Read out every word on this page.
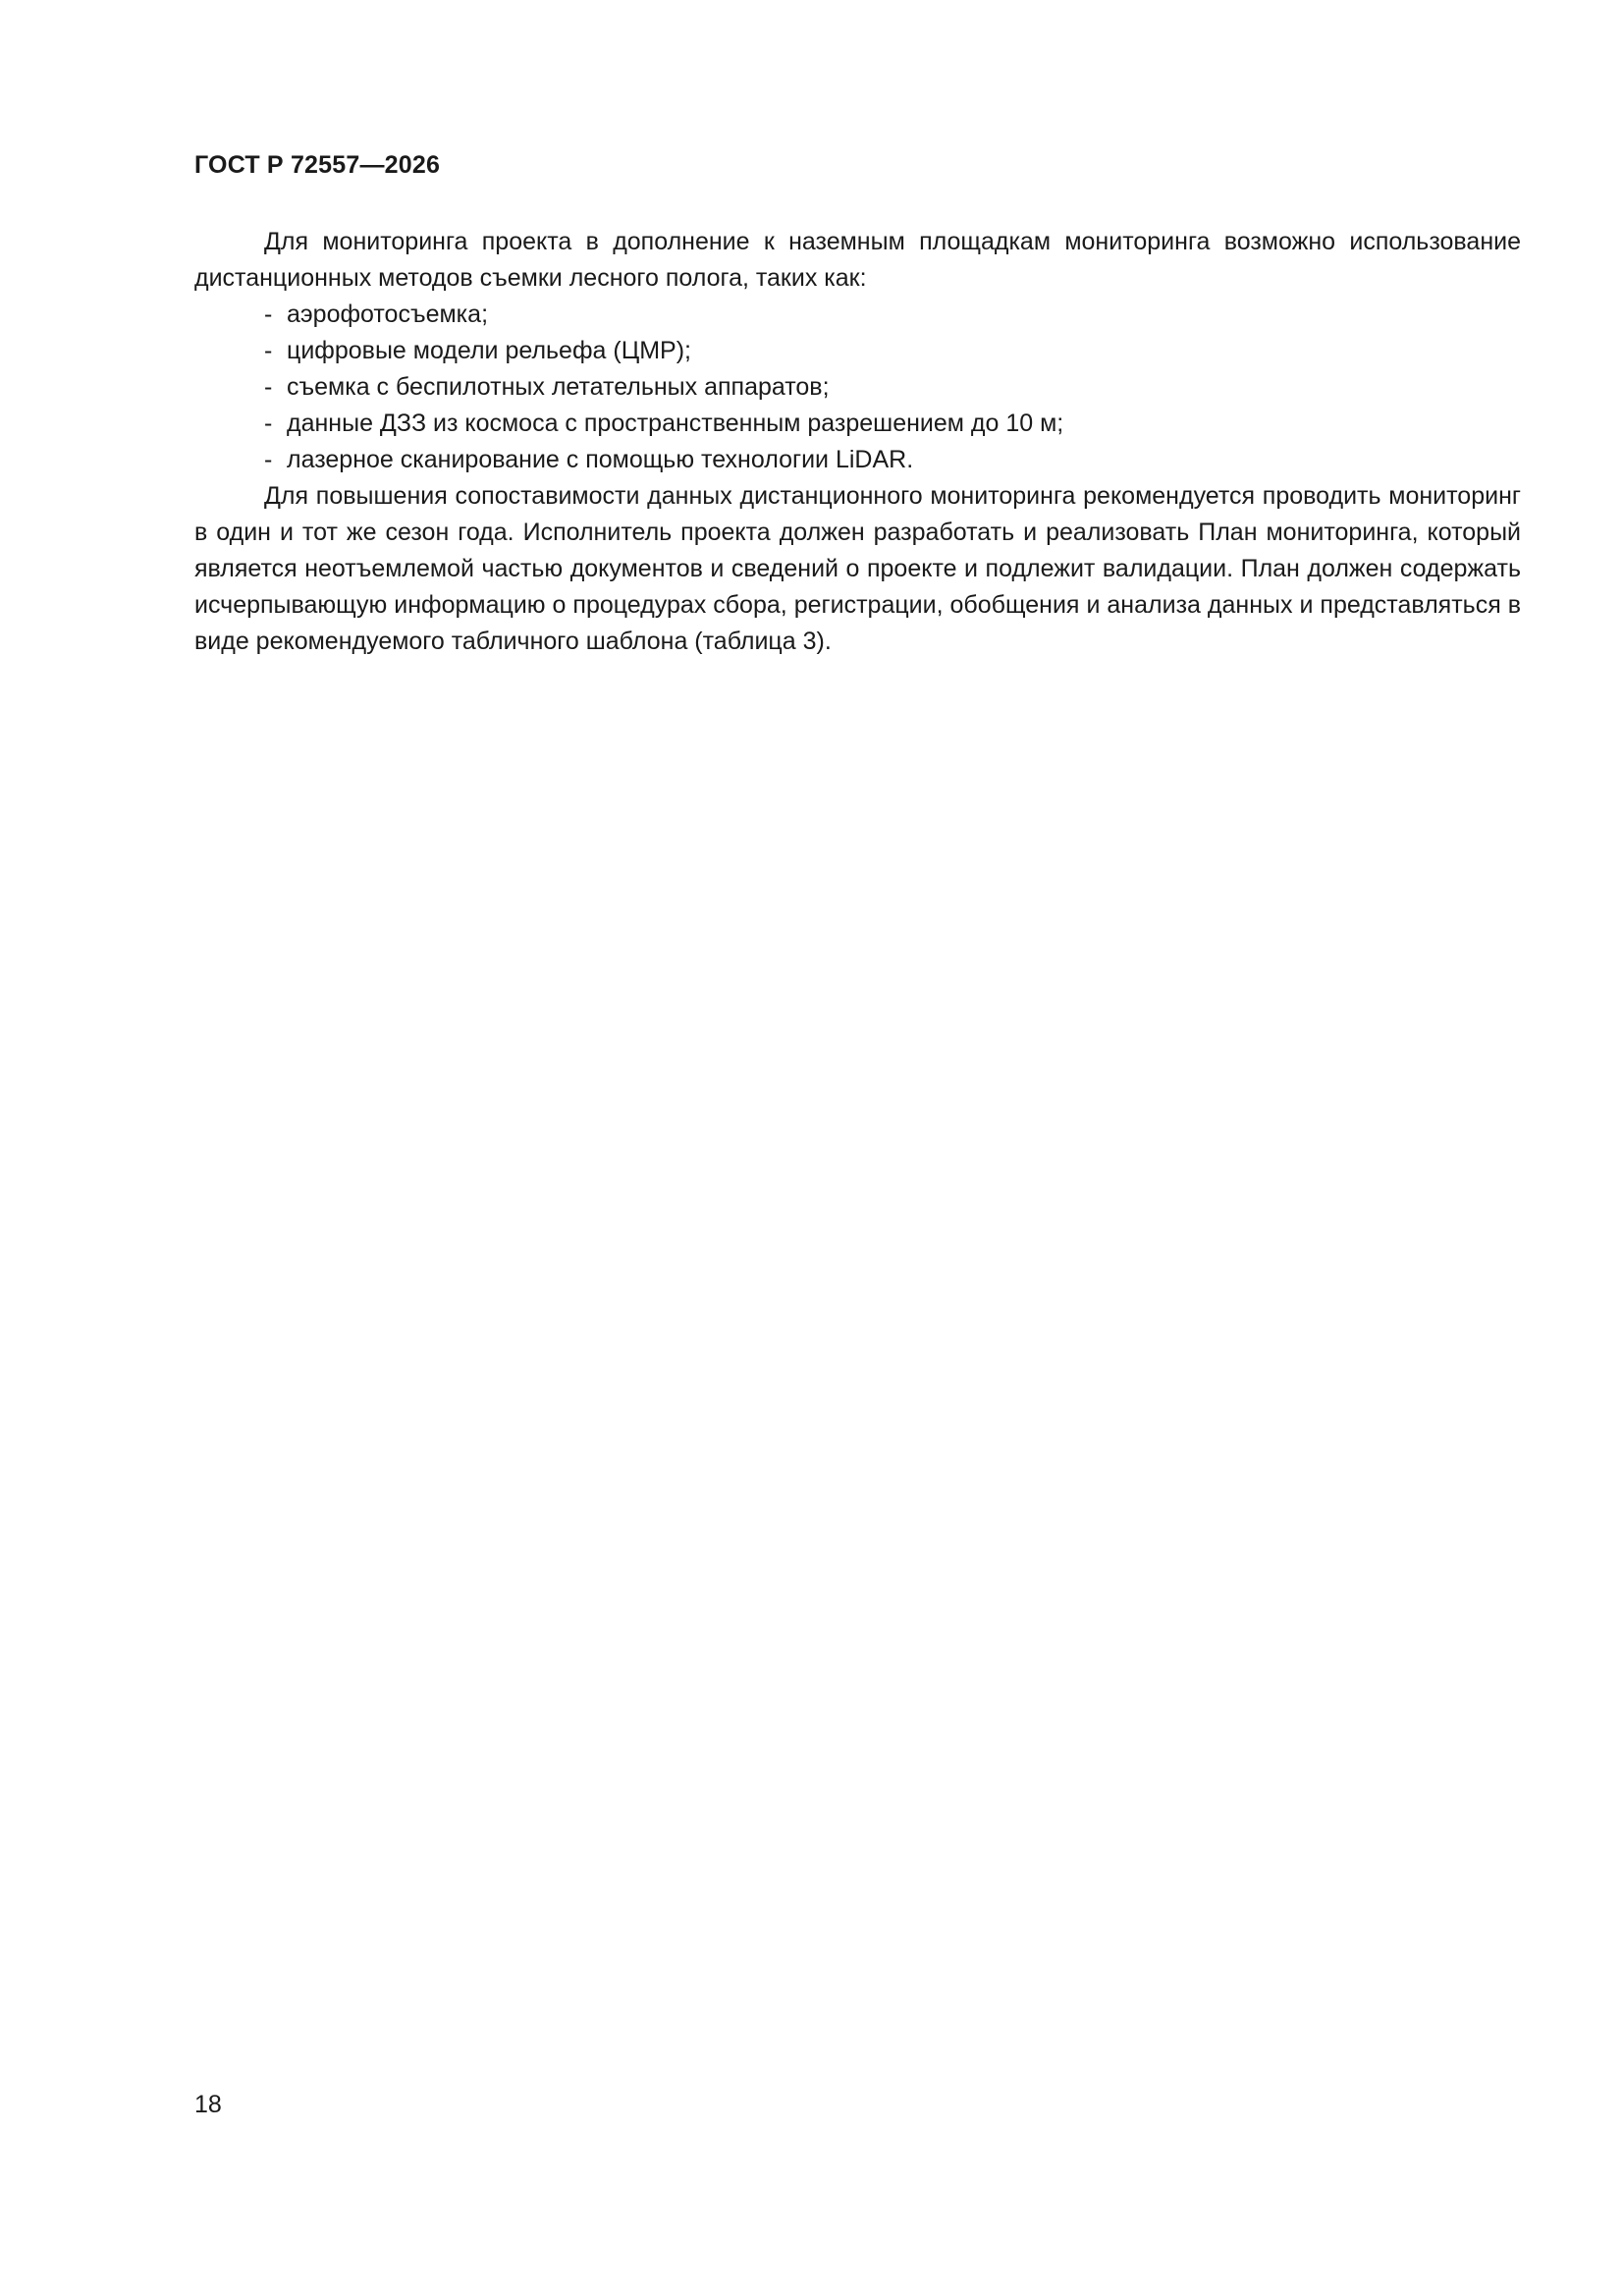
ГОСТ Р 72557—2026

Для мониторинга проекта в дополнение к наземным площадкам мониторинга возможно использование дистанционных методов съемки лесного полога, таких как:

- аэрофотосъемка;
- цифровые модели рельефа (ЦМР);
- съемка с беспилотных летательных аппаратов;
- данные ДЗЗ из космоса с пространственным разрешением до 10 м;
- лазерное сканирование с помощью технологии LiDAR.

Для повышения сопоставимости данных дистанционного мониторинга рекомендуется проводить мониторинг в один и тот же сезон года. Исполнитель проекта должен разработать и реализовать План мониторинга, который является неотъемлемой частью документов и сведений о проекте и подлежит валидации. План должен содержать исчерпывающую информацию о процедурах сбора, регистрации, обобщения и анализа данных и представляться в виде рекомендуемого табличного шаблона (таблица 3).

18
